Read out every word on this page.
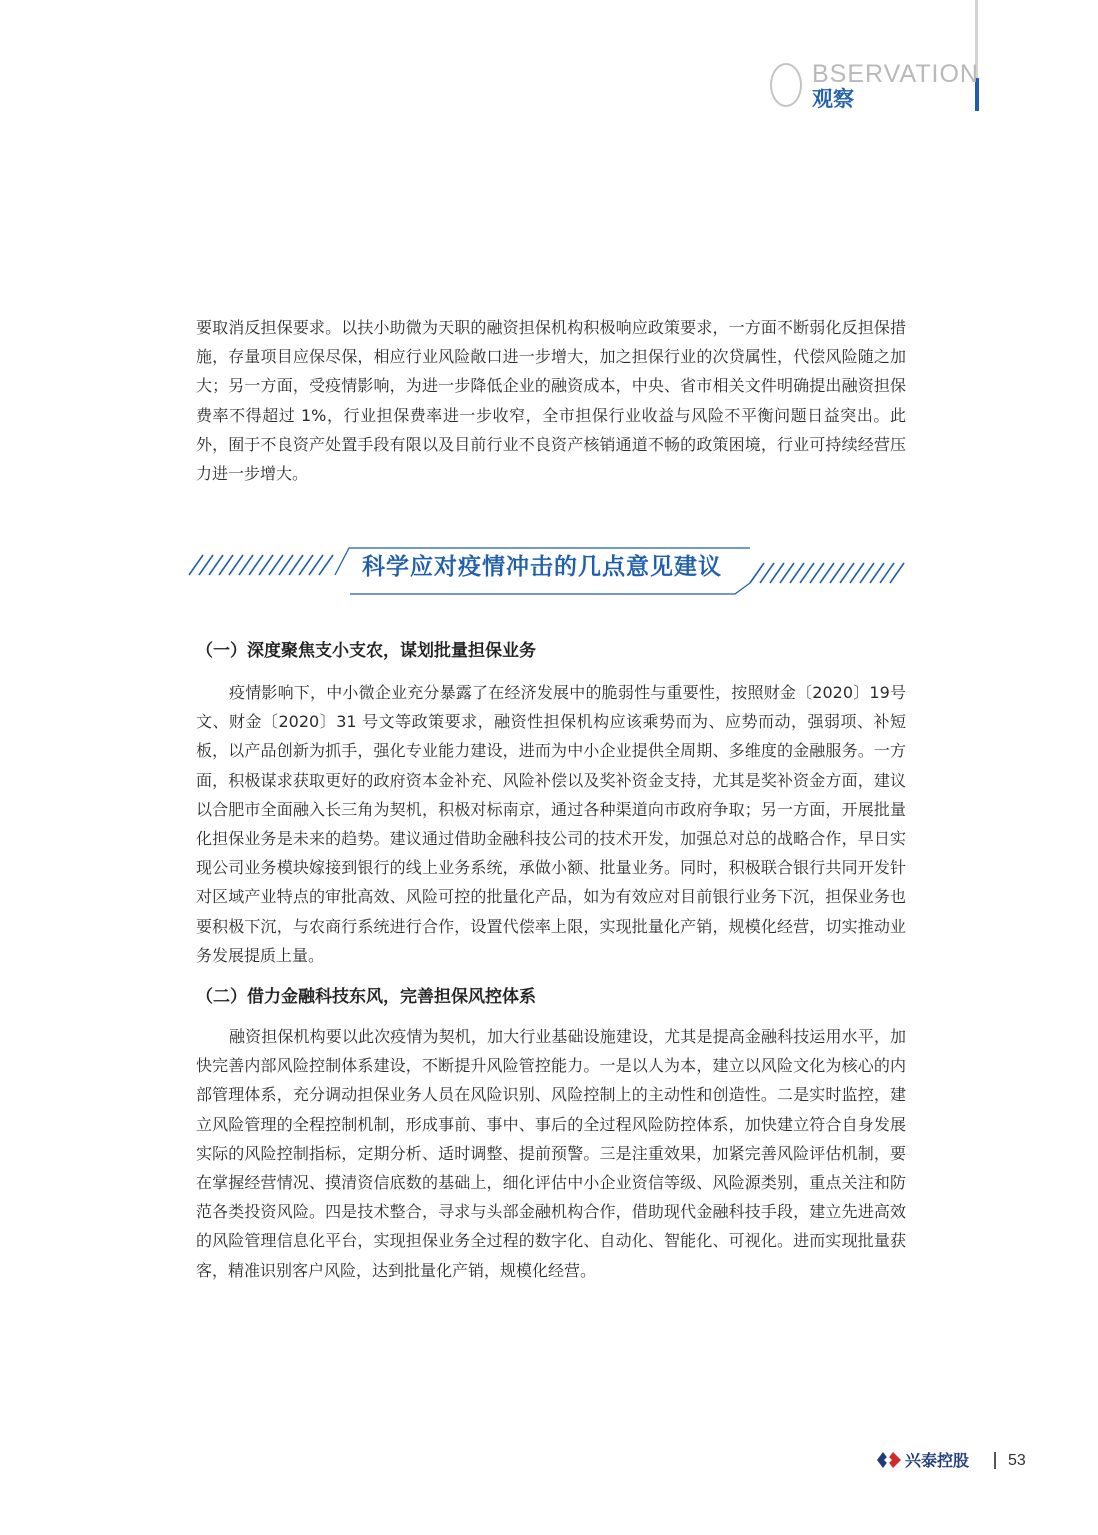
BSERVATION
观察

要取消反担保要求。以扶小助微为天职的融资担保机构积极响应政策要求，一方面不断弱化反担保措施，存量项目应保尽保，相应行业风险敞口进一步增大，加之担保行业的次贷属性，代偿风险随之加大；另一方面，受疫情影响，为进一步降低企业的融资成本，中央、省市相关文件明确提出融资担保费率不得超过 1%，行业担保费率进一步收窄，全市担保行业收益与风险不平衡问题日益突出。此外，囿于不良资产处置手段有限以及目前行业不良资产核销通道不畅的政策困境，行业可持续经营压力进一步增大。

科学应对疫情冲击的几点意见建议
（一）深度聚焦支小支农，谋划批量担保业务

疫情影响下，中小微企业充分暴露了在经济发展中的脆弱性与重要性，按照财金〔2020〕19号文、财金〔2020〕31 号文等政策要求，融资性担保机构应该乘势而为、应势而动，强弱项、补短板，以产品创新为抓手，强化专业能力建设，进而为中小企业提供全周期、多维度的金融服务。一方面，积极谋求获取更好的政府资本金补充、风险补偿以及奖补资金支持，尤其是奖补资金方面，建议以合肥市全面融入长三角为契机，积极对标南京，通过各种渠道向市政府争取；另一方面，开展批量化担保业务是未来的趋势。建议通过借助金融科技公司的技术开发，加强总对总的战略合作，早日实现公司业务模块嫁接到银行的线上业务系统，承做小额、批量业务。同时，积极联合银行共同开发针对区域产业特点的审批高效、风险可控的批量化产品，如为有效应对目前银行业务下沉，担保业务也要积极下沉，与农商行系统进行合作，设置代偿率上限，实现批量化产销，规模化经营，切实推动业务发展提质上量。

（二）借力金融科技东风，完善担保风控体系

融资担保机构要以此次疫情为契机，加大行业基础设施建设，尤其是提高金融科技运用水平，加快完善内部风险控制体系建设，不断提升风险管控能力。一是以人为本，建立以风险文化为核心的内部管理体系，充分调动担保业务人员在风险识别、风险控制上的主动性和创造性。二是实时监控，建立风险管理的全程控制机制，形成事前、事中、事后的全过程风险防控体系，加快建立符合自身发展实际的风险控制指标，定期分析、适时调整、提前预警。三是注重效果，加紧完善风险评估机制，要在掌握经营情况、摸清资信底数的基础上，细化评估中小企业资信等级、风险源类别，重点关注和防范各类投资风险。四是技术整合，寻求与头部金融机构合作，借助现代金融科技手段，建立先进高效的风险管理信息化平台，实现担保业务全过程的数字化、自动化、智能化、可视化。进而实现批量获客，精准识别客户风险，达到批量化产销，规模化经营。

兴泰控股 53
